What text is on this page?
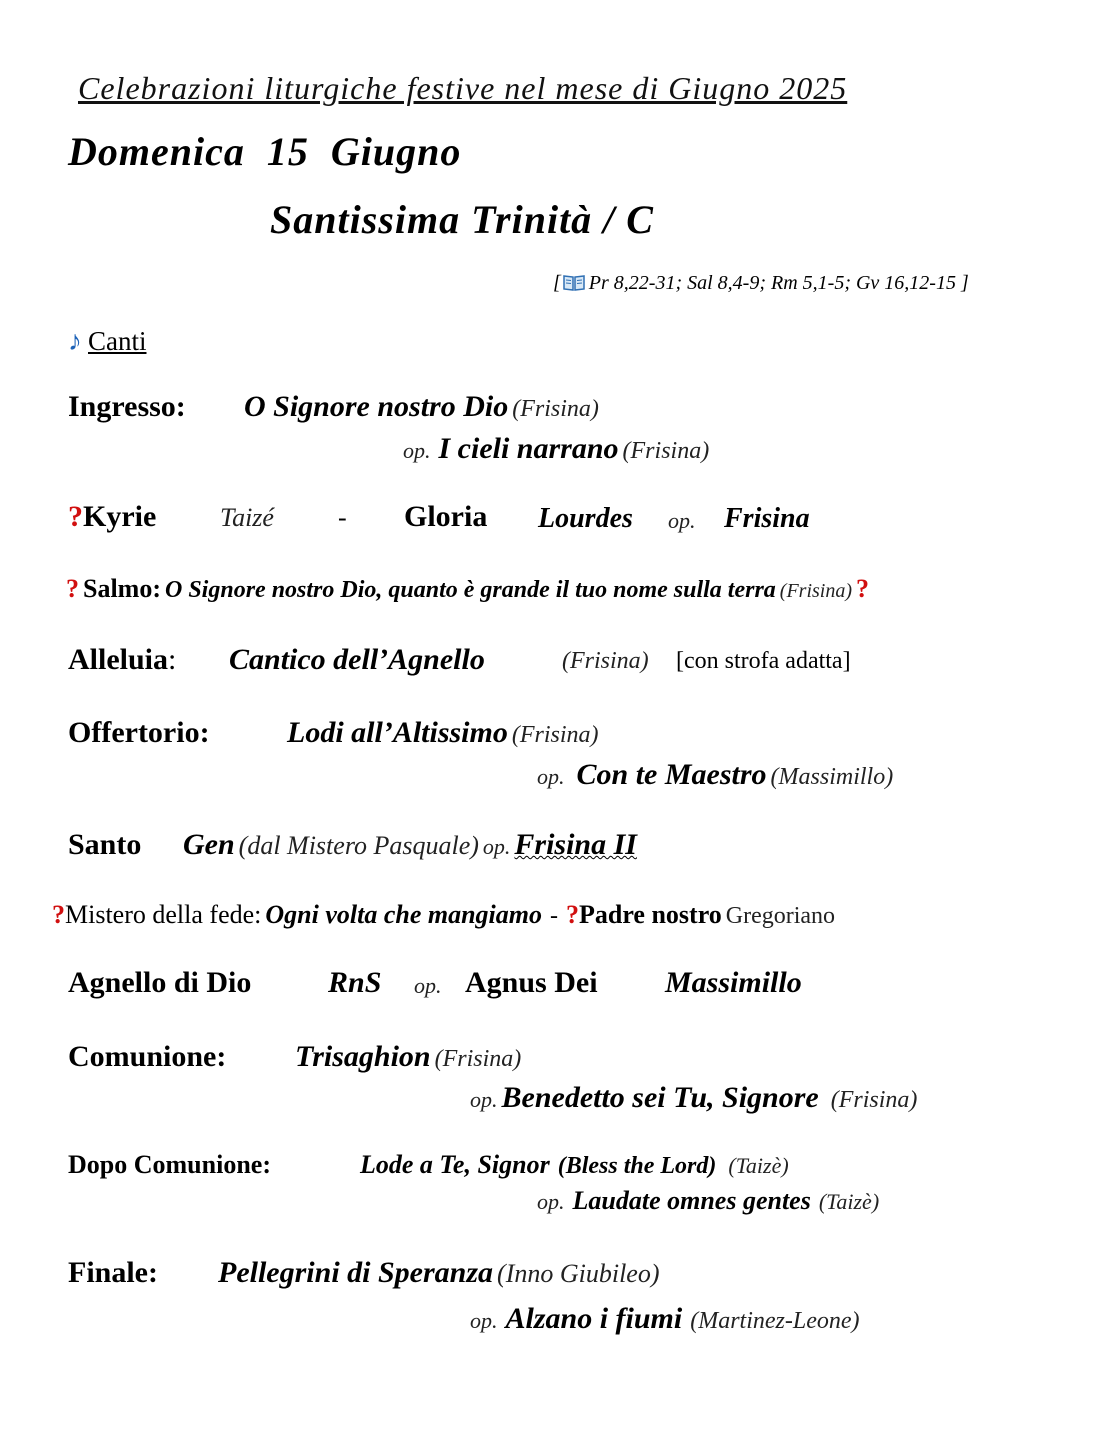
Celebrazioni liturgiche festive nel mese di Giugno 2025
Domenica  15  Giugno
Santissima Trinità / C
[ Pr 8,22-31; Sal 8,4-9; Rm 5,1-5; Gv 16,12-15 ]
♪ Canti
Ingresso: O Signore nostro Dio (Frisina)
op. I cieli narrano (Frisina)
?Kyrie Taizé - Gloria Lourdes op. Frisina
? Salmo: O Signore nostro Dio, quanto è grande il tuo nome sulla terra (Frisina) ?
Alleluia: Cantico dell’Agnello	(Frisina) [con strofa adatta]
Offertorio:	Lodi all’Altissimo (Frisina)
op. Con te Maestro (Massimillo)
Santo Gen (dal Mistero Pasquale) op. Frisina II
?Mistero della fede: Ogni volta che mangiamo - ?Padre nostro Gregoriano
Agnello di Dio	RnS op. Agnus Dei Massimillo
Comunione: Trisaghion (Frisina)
op. Benedetto sei Tu, Signore (Frisina)
Dopo Comunione:	Lode a Te, Signor (Bless the Lord) (Taizè)
op. Laudate omnes gentes (Taizè)
Finale: Pellegrini di Speranza (Inno Giubileo)
op. Alzano i fiumi (Martinez-Leone)
